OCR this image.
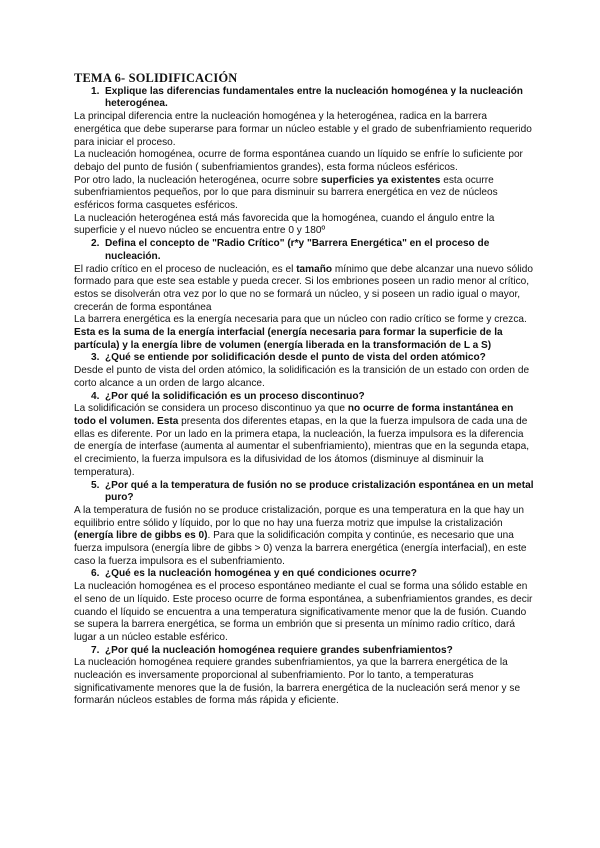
TEMA 6- SOLIDIFICACIÓN
1. Explique las diferencias fundamentales entre la nucleación homogénea y la nucleación heterogénea.

La principal diferencia entre la nucleación homogénea y la heterogénea, radica en la barrera energética que debe superarse para formar un núcleo estable y el grado de subenfriamiento requerido para iniciar el proceso.

La nucleación homogénea, ocurre de forma espontánea cuando un líquido se enfríe lo suficiente por debajo del punto de fusión ( subenfriamientos grandes), esta forma núcleos esféricos.

Por otro lado, la nucleación heterogénea, ocurre sobre superficies ya existentes esta ocurre subenfriamientos pequeños, por lo que para disminuir su barrera energética en vez de núcleos esféricos forma casquetes esféricos.

La nucleación heterogénea está más favorecida que la homogénea, cuando el ángulo entre la superficie y el nuevo núcleo se encuentra entre 0 y 180º

2. Defina el concepto de "Radio Crítico" (r*y "Barrera Energética" en el proceso de nucleación.

El radio crítico en el proceso de nucleación, es el tamaño mínimo que debe alcanzar una nuevo sólido formado para que este sea estable y pueda crecer. Si los embriones poseen un radio menor al crítico, estos se disolverán otra vez por lo que no se formará un núcleo, y si poseen un radio igual o mayor, crecerán de forma espontánea

La barrera energética es la energía necesaria para que un núcleo con radio crítico se forme y crezca. Esta es la suma de la energía interfacial (energía necesaria para formar la superficie de la partícula) y la energía libre de volumen (energía liberada en la transformación de L a S)

3. ¿Qué se entiende por solidificación desde el punto de vista del orden atómico?

Desde el punto de vista del orden atómico, la solidificación es la transición de un estado con orden de corto alcance a un orden de largo alcance.

4. ¿Por qué la solidificación es un proceso discontinuo?

La solidificación se considera un proceso discontinuo ya que no ocurre de forma instantánea en todo el volumen. Esta presenta dos diferentes etapas, en la que la fuerza impulsora de cada una de ellas es diferente. Por un lado en la primera etapa, la nucleación, la fuerza impulsora es la diferencia de energía de interfase (aumenta al aumentar el subenfriamiento), mientras que en la segunda etapa, el crecimiento, la fuerza impulsora es la difusividad de los átomos (disminuye al disminuir la temperatura).

5. ¿Por qué a la temperatura de fusión no se produce cristalización espontánea en un metal puro?

A la temperatura de fusión no se produce cristalización, porque es una temperatura en la que hay un equilibrio entre sólido y líquido, por lo que no hay una fuerza motriz que impulse la cristalización (energía libre de gibbs es 0). Para que la solidificación compita y continúe, es necesario que una fuerza impulsora (energía libre de gibbs > 0) venza la barrera energética (energía interfacial), en este caso la fuerza impulsora es el subenfriamiento.

6. ¿Qué es la nucleación homogénea y en qué condiciones ocurre?

La nucleación homogénea es el proceso espontáneo mediante el cual se forma una sólido estable en el seno de un líquido. Este proceso ocurre de forma espontánea, a subenfriamientos grandes, es decir cuando el líquido se encuentra a una temperatura significativamente menor que la de fusión. Cuando se supera la barrera energética, se forma un embrión que si presenta un mínimo radio crítico, dará lugar a un núcleo estable esférico.

7. ¿Por qué la nucleación homogénea requiere grandes subenfriamientos?

La nucleación homogénea requiere grandes subenfriamientos, ya que la barrera energética de la nucleación es inversamente proporcional al subenfriamiento. Por lo tanto, a temperaturas significativamente menores que la de fusión, la barrera energética de la nucleación será menor y se formarán núcleos estables de forma más rápida y eficiente.
